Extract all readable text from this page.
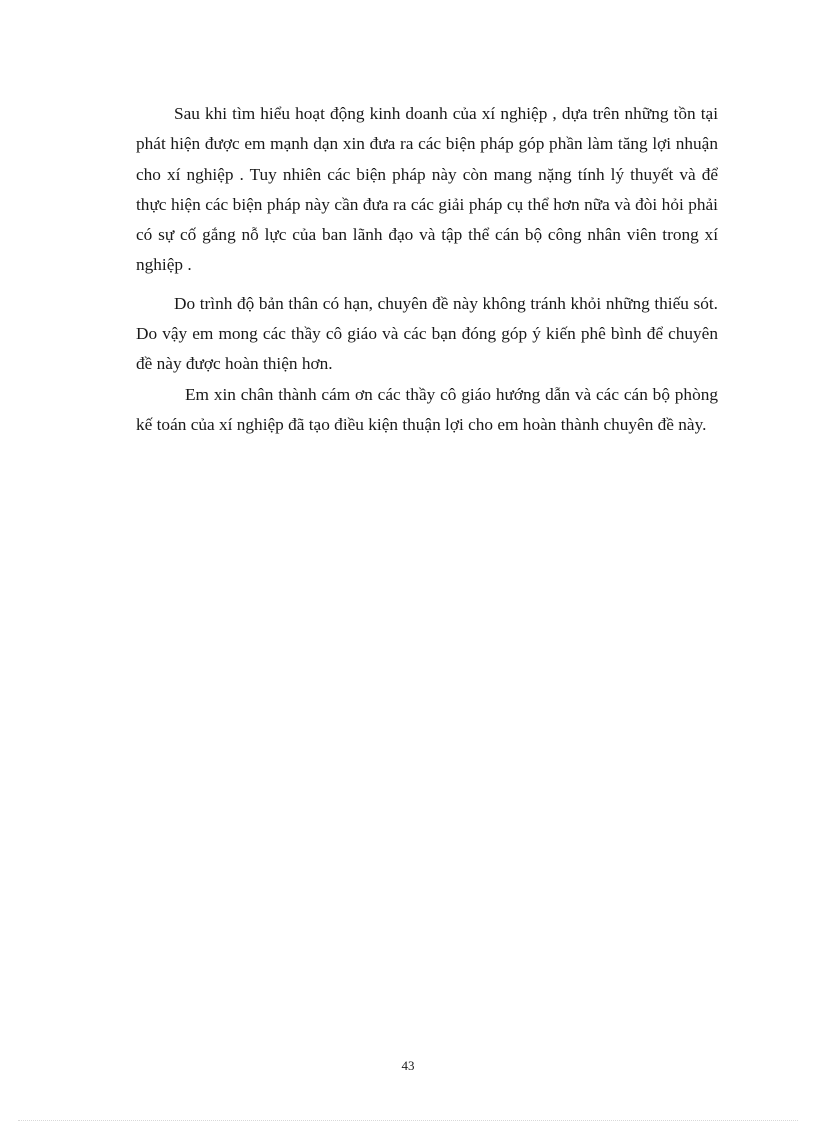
Sau khi tìm hiểu hoạt động kinh doanh của xí nghiệp , dựa trên những tồn tại phát hiện được em mạnh dạn xin đưa ra các biện pháp góp phần làm tăng lợi nhuận cho xí nghiệp . Tuy nhiên các biện pháp này còn mang nặng tính lý thuyết và để thực hiện các biện pháp này cần đưa ra các giải pháp cụ thể hơn nữa và đòi hỏi phải có sự cố gắng nỗ lực của ban lãnh đạo và tập thể cán bộ công nhân viên trong xí nghiệp .

Do trình độ bản thân có hạn, chuyên đề này không tránh khỏi những thiếu sót. Do vậy em mong các thầy cô giáo và các bạn đóng góp ý kiến phê bình để chuyên đề này được hoàn thiện hơn.

Em xin chân thành cám ơn các thầy cô giáo hướng dẫn và các cán bộ phòng kế toán của xí nghiệp đã tạo điều kiện thuận lợi cho em hoàn thành chuyên đề này.

43
